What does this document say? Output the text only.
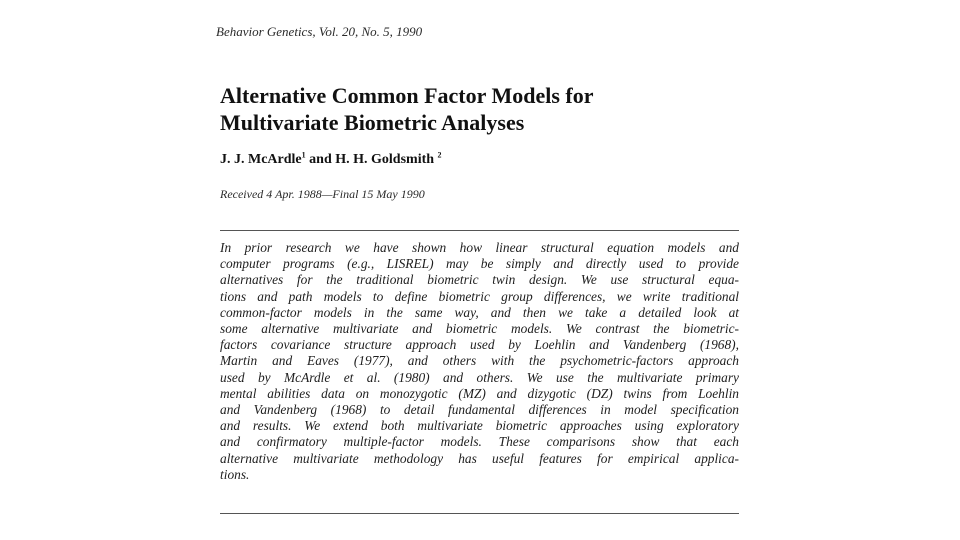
Behavior Genetics, Vol. 20, No. 5, 1990
Alternative Common Factor Models for
Multivariate Biometric Analyses
J. J. McArdle$^1$ and H. H. Goldsmith $^2$
Received 4 Apr. 1988—Final 15 May 1990
In prior research we have shown how linear structural equation models and
computer programs (e.g., LISREL) may be simply and directly used to provide
alternatives for the traditional biometric twin design. We use structural equa-
tions and path models to define biometric group differences, we write traditional
common-factor models in the same way, and then we take a detailed look at
some alternative multivariate and biometric models. We contrast the biometric-
factors covariance structure approach used by Loehlin and Vandenberg (1968),
Martin and Eaves (1977), and others with the psychometric-factors approach
used by McArdle et al. (1980) and others. We use the multivariate primary
mental abilities data on monozygotic (MZ) and dizygotic (DZ) twins from Loehlin
and Vandenberg (1968) to detail fundamental differences in model specification
and results. We extend both multivariate biometric approaches using exploratory
and confirmatory multiple-factor models. These comparisons show that each
alternative multivariate methodology has useful features for empirical applica-
tions.
